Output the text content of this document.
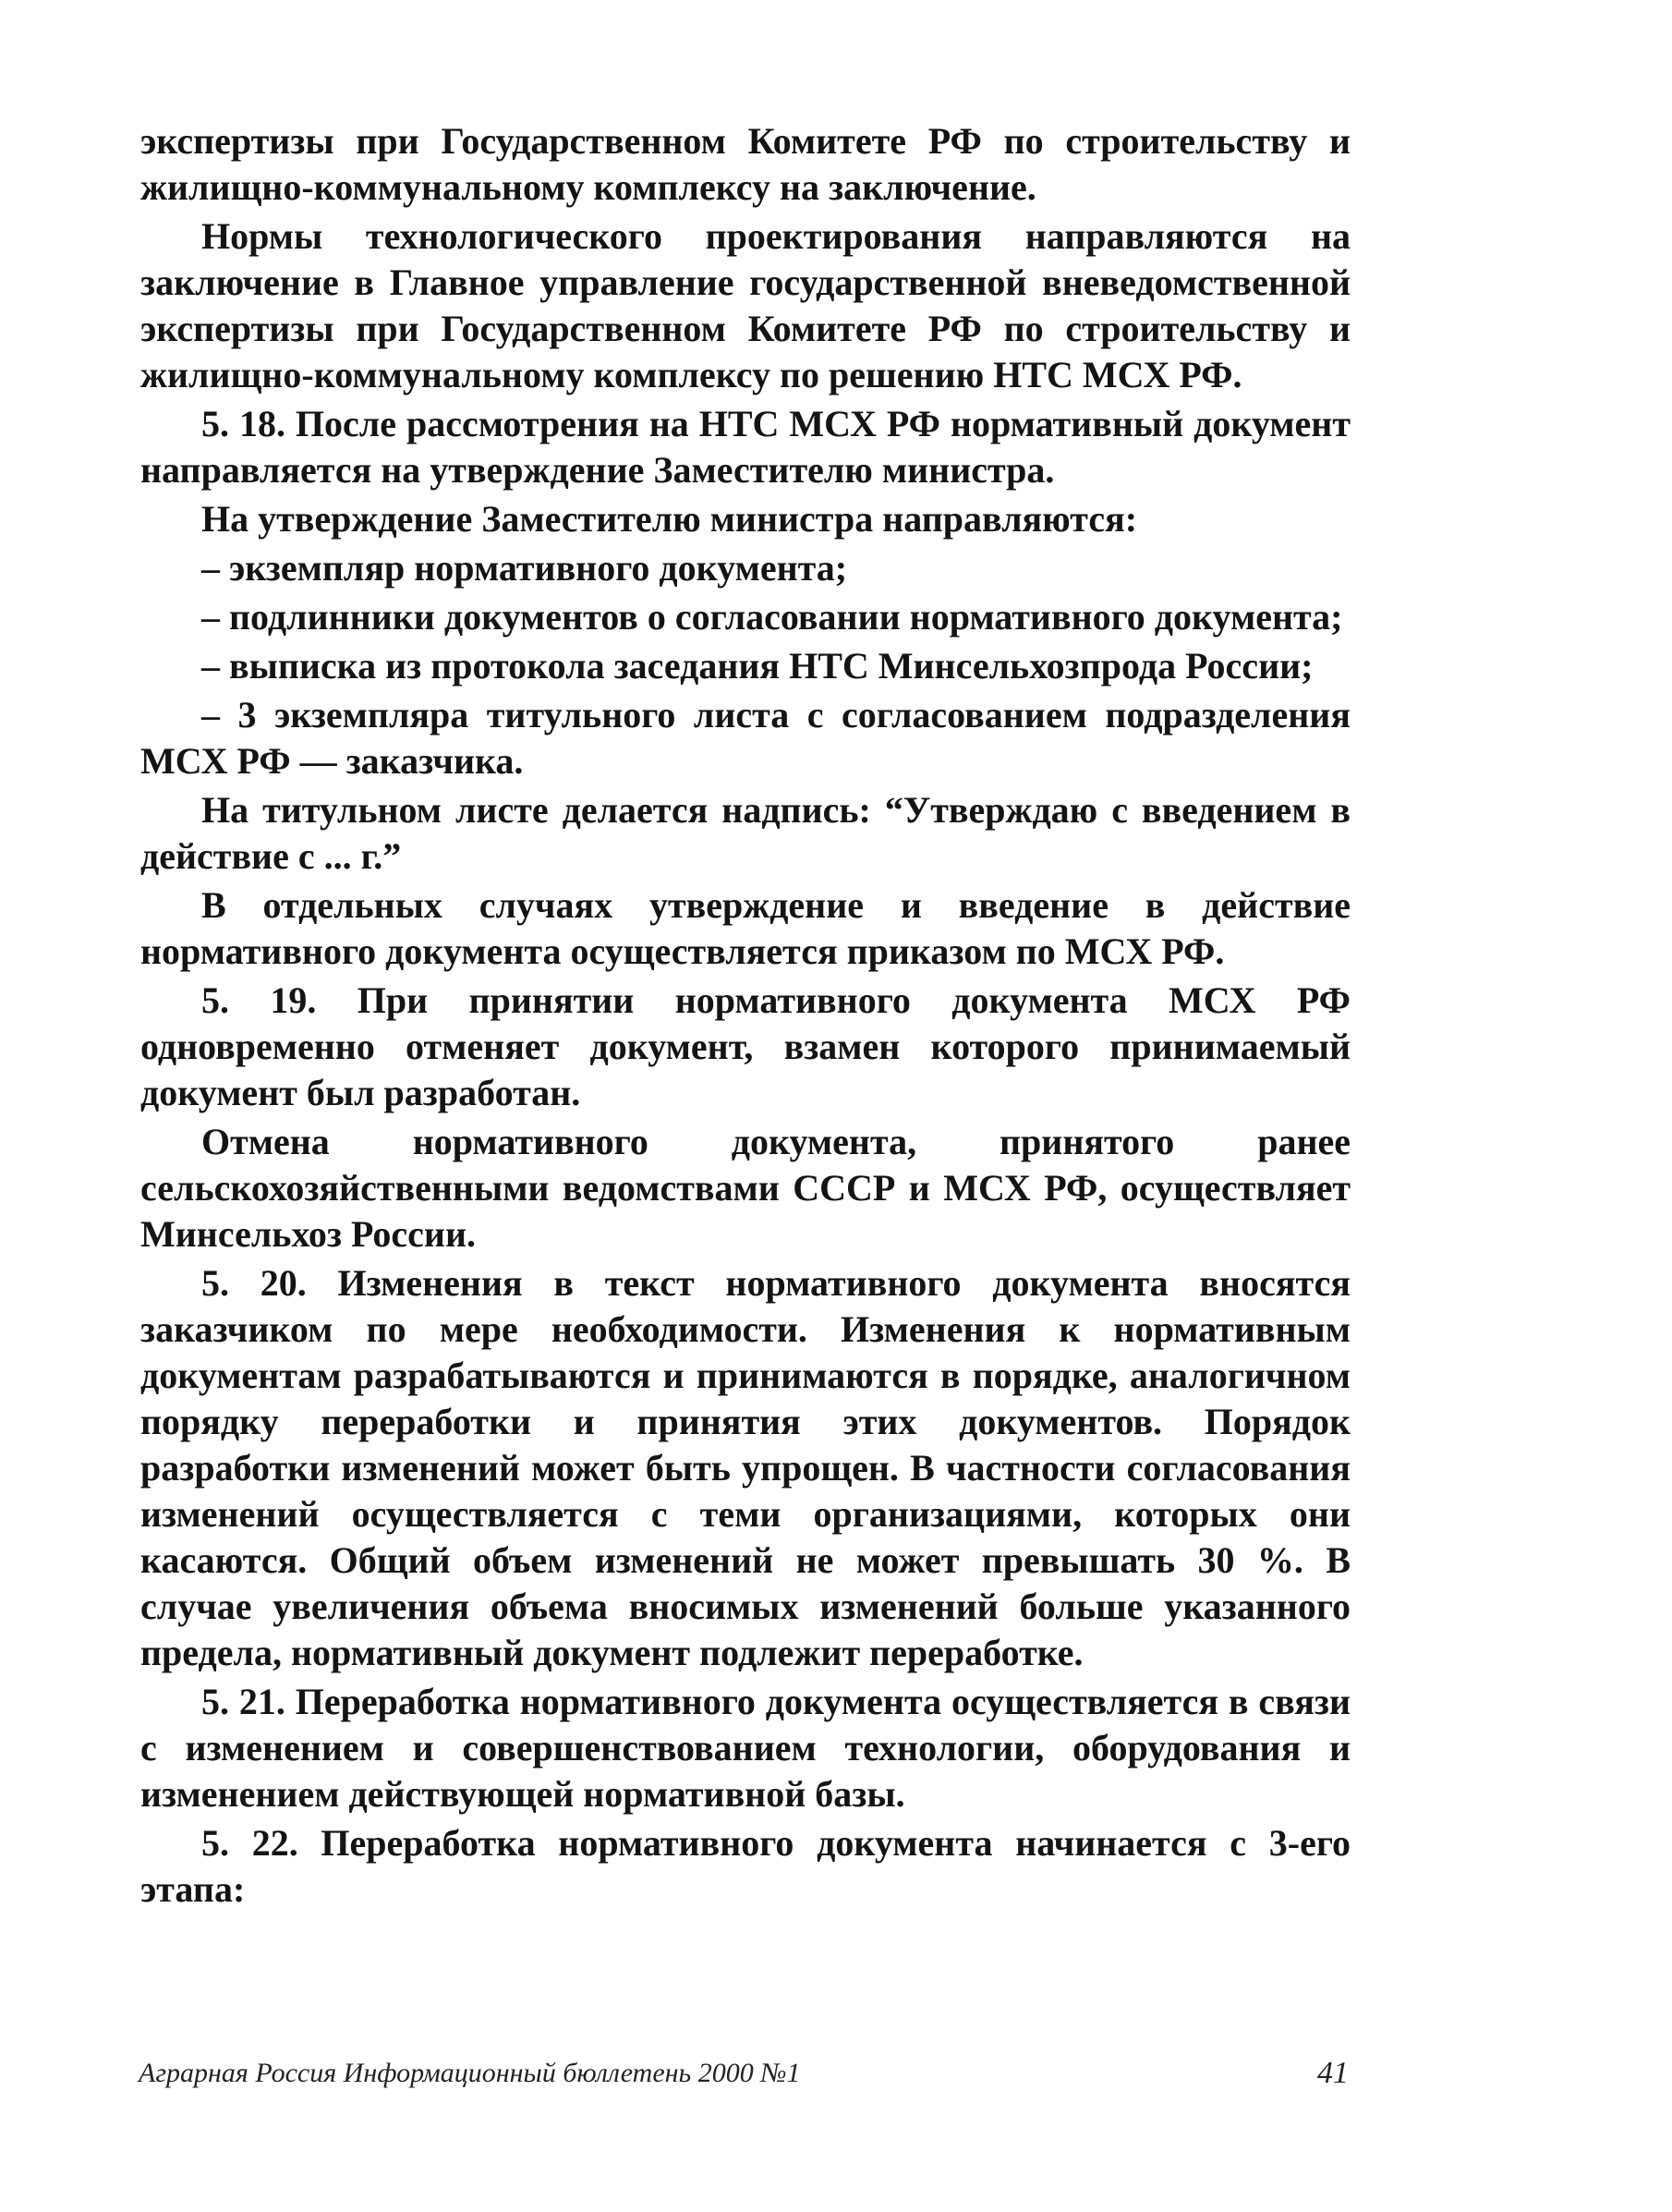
экспертизы при Государственном Комитете РФ по строительству и жилищно-коммунальному комплексу на заключение.

Нормы технологического проектирования направляются на заключение в Главное управление государственной вневедомственной экспертизы при Государственном Комитете РФ по строительству и жилищно-коммунальному комплексу по решению НТС МСХ РФ.

5. 18. После рассмотрения на НТС МСХ РФ нормативный документ направляется на утверждение Заместителю министра.

На утверждение Заместителю министра направляются:

– экземпляр нормативного документа;

– подлинники документов о согласовании нормативного документа;

– выписка из протокола заседания НТС Минсельхозпрода России;

– 3 экземпляра титульного листа с согласованием подразделения МСХ РФ — заказчика.

На титульном листе делается надпись: “Утверждаю с введением в действие с ... г.”

В отдельных случаях утверждение и введение в действие нормативного документа осуществляется приказом по МСХ РФ.

5. 19. При принятии нормативного документа МСХ РФ одновременно отменяет документ, взамен которого принимаемый документ был разработан.

Отмена нормативного документа, принятого ранее сельскохозяйственными ведомствами СССР и МСХ РФ, осуществляет Минсельхоз России.

5. 20. Изменения в текст нормативного документа вносятся заказчиком по мере необходимости. Изменения к нормативным документам разрабатываются и принимаются в порядке, аналогичном порядку переработки и принятия этих документов. Порядок разработки изменений может быть упрощен. В частности согласования изменений осуществляется с теми организациями, которых они касаются. Общий объем изменений не может превышать 30 %. В случае увеличения объема вносимых изменений больше указанного предела, нормативный документ подлежит переработке.

5. 21. Переработка нормативного документа осуществляется в связи с изменением и совершенствованием технологии, оборудования и изменением действующей нормативной базы.

5. 22. Переработка нормативного документа начинается с 3-его этапа:

Аграрная Россия Информационный бюллетень 2000 №1	41
